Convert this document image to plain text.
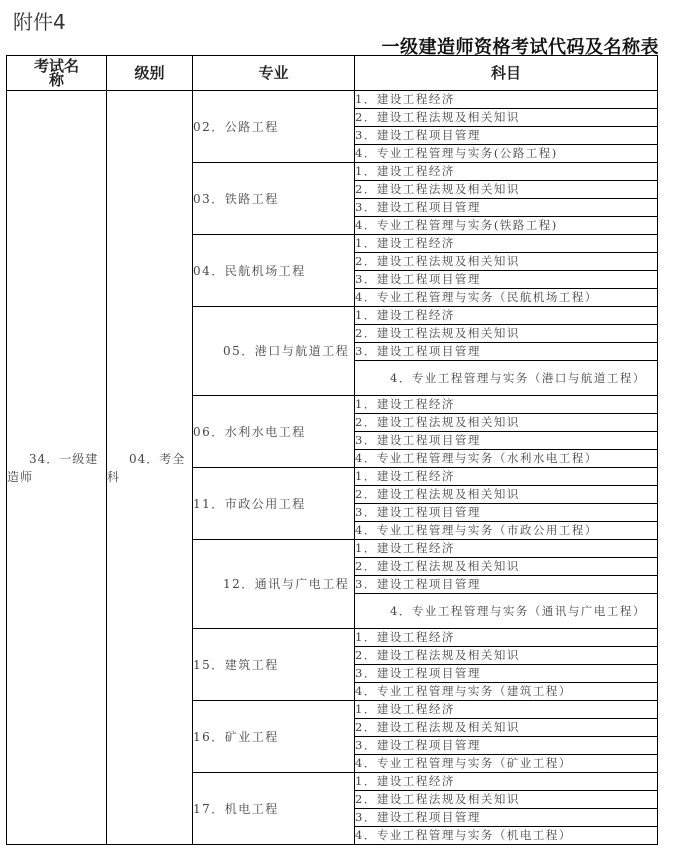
附件4
一级建造师资格考试代码及名称表
考试名称	级别	专业	科目
34．一级建造师	04．考全科	02．公路工程	1．建设工程经济
			2．建设工程法规及相关知识
			3．建设工程项目管理
			4．专业工程管理与实务(公路工程)
		03．铁路工程	1．建设工程经济
			2．建设工程法规及相关知识
			3．建设工程项目管理
			4．专业工程管理与实务(铁路工程)
		04．民航机场工程	1．建设工程经济
			2．建设工程法规及相关知识
			3．建设工程项目管理
			4．专业工程管理与实务（民航机场工程）
		05．港口与航道工程	1．建设工程经济
			2．建设工程法规及相关知识
			3．建设工程项目管理
			4．专业工程管理与实务（港口与航道工程）
		06．水利水电工程	1．建设工程经济
			2．建设工程法规及相关知识
			3．建设工程项目管理
			4．专业工程管理与实务（水利水电工程）
		11．市政公用工程	1．建设工程经济
			2．建设工程法规及相关知识
			3．建设工程项目管理
			4．专业工程管理与实务（市政公用工程）
		12．通讯与广电工程	1．建设工程经济
			2．建设工程法规及相关知识
			3．建设工程项目管理
			4．专业工程管理与实务（通讯与广电工程）
		15．建筑工程	1．建设工程经济
			2．建设工程法规及相关知识
			3．建设工程项目管理
			4．专业工程管理与实务（建筑工程）
		16．矿业工程	1．建设工程经济
			2．建设工程法规及相关知识
			3．建设工程项目管理
			4．专业工程管理与实务（矿业工程）
		17．机电工程	1．建设工程经济
			2．建设工程法规及相关知识
			3．建设工程项目管理
			4．专业工程管理与实务（机电工程）
